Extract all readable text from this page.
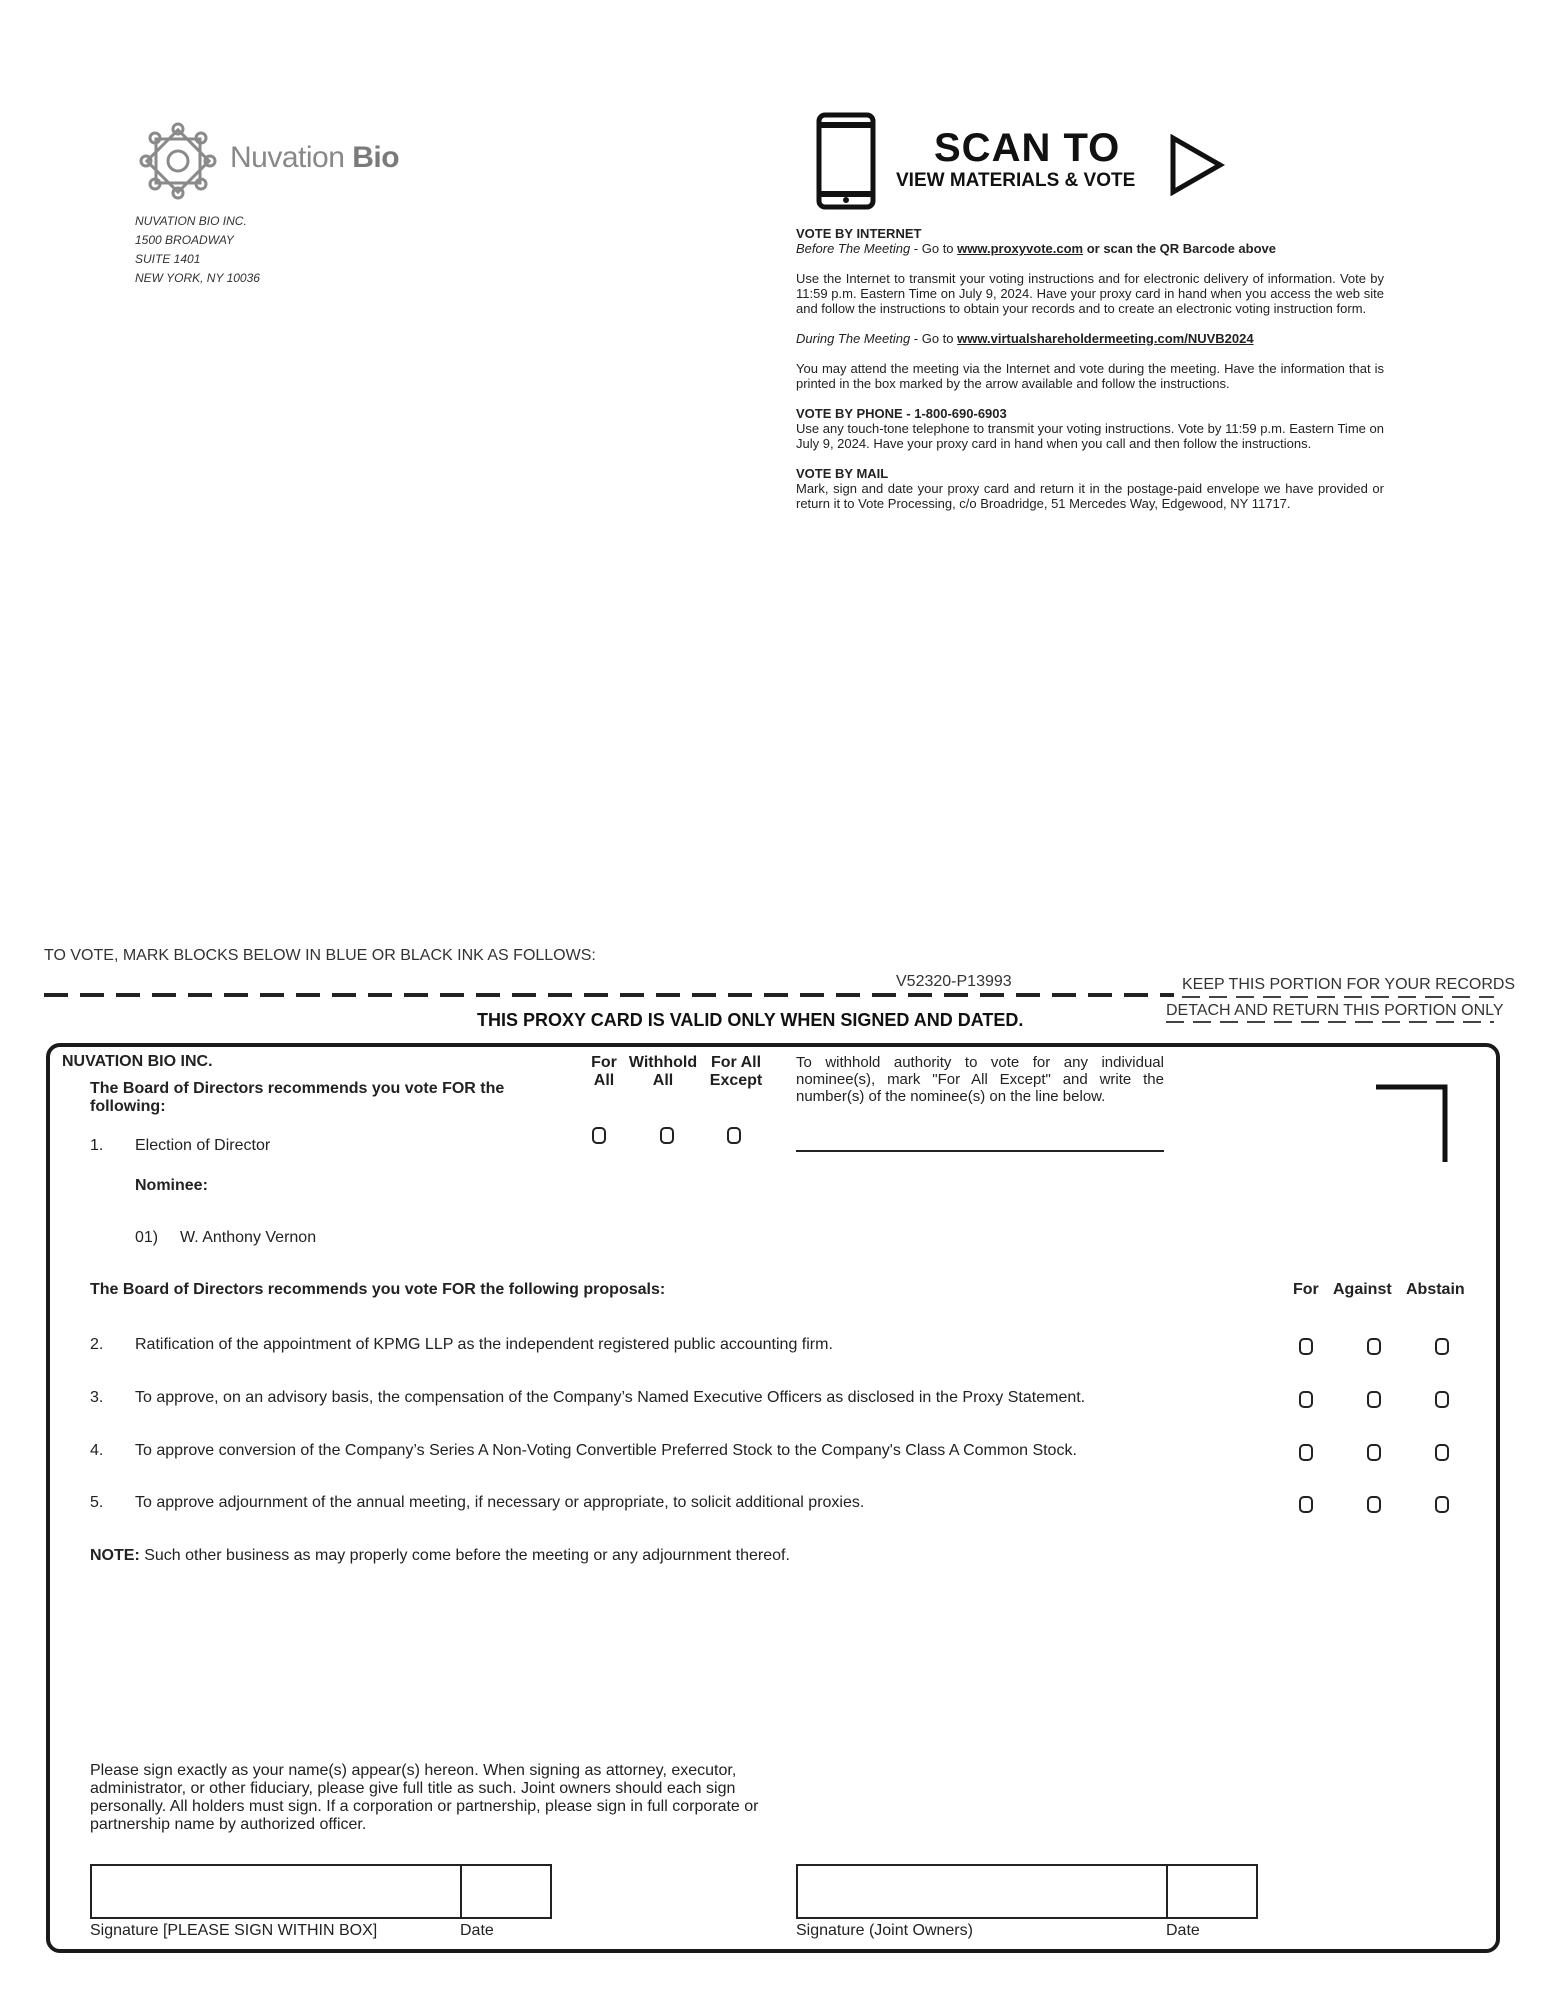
Nuvation Bio
NUVATION BIO INC.
1500 BROADWAY
SUITE 1401
NEW YORK, NY 10036
SCAN TO
VIEW MATERIALS & VOTE
VOTE BY INTERNET
Before The Meeting - Go to www.proxyvote.com or scan the QR Barcode above
Use the Internet to transmit your voting instructions and for electronic delivery of information. Vote by 11:59 p.m. Eastern Time on July 9, 2024. Have your proxy card in hand when you access the web site and follow the instructions to obtain your records and to create an electronic voting instruction form.
During The Meeting - Go to www.virtualshareholdermeeting.com/NUVB2024
You may attend the meeting via the Internet and vote during the meeting. Have the information that is printed in the box marked by the arrow available and follow the instructions.
VOTE BY PHONE - 1-800-690-6903
Use any touch-tone telephone to transmit your voting instructions. Vote by 11:59 p.m. Eastern Time on July 9, 2024. Have your proxy card in hand when you call and then follow the instructions.
VOTE BY MAIL
Mark, sign and date your proxy card and return it in the postage-paid envelope we have provided or return it to Vote Processing, c/o Broadridge, 51 Mercedes Way, Edgewood, NY 11717.
TO VOTE, MARK BLOCKS BELOW IN BLUE OR BLACK INK AS FOLLOWS:
V52320-P13993	KEEP THIS PORTION FOR YOUR RECORDS
DETACH AND RETURN THIS PORTION ONLY
THIS PROXY CARD IS VALID ONLY WHEN SIGNED AND DATED.
NUVATION BIO INC.
The Board of Directors recommends you vote FOR the following:
For All
Withhold All
For All Except
To withhold authority to vote for any individual nominee(s), mark "For All Except" and write the number(s) of the nominee(s) on the line below.
1. Election of Director
Nominee:
01) W. Anthony Vernon
The Board of Directors recommends you vote FOR the following proposals:	For Against Abstain
2. Ratification of the appointment of KPMG LLP as the independent registered public accounting firm.
3. To approve, on an advisory basis, the compensation of the Company’s Named Executive Officers as disclosed in the Proxy Statement.
4. To approve conversion of the Company’s Series A Non-Voting Convertible Preferred Stock to the Company's Class A Common Stock.
5. To approve adjournment of the annual meeting, if necessary or appropriate, to solicit additional proxies.
NOTE: Such other business as may properly come before the meeting or any adjournment thereof.
Please sign exactly as your name(s) appear(s) hereon. When signing as attorney, executor, administrator, or other fiduciary, please give full title as such. Joint owners should each sign personally. All holders must sign. If a corporation or partnership, please sign in full corporate or partnership name by authorized officer.
Signature [PLEASE SIGN WITHIN BOX]	Date	Signature (Joint Owners)	Date
